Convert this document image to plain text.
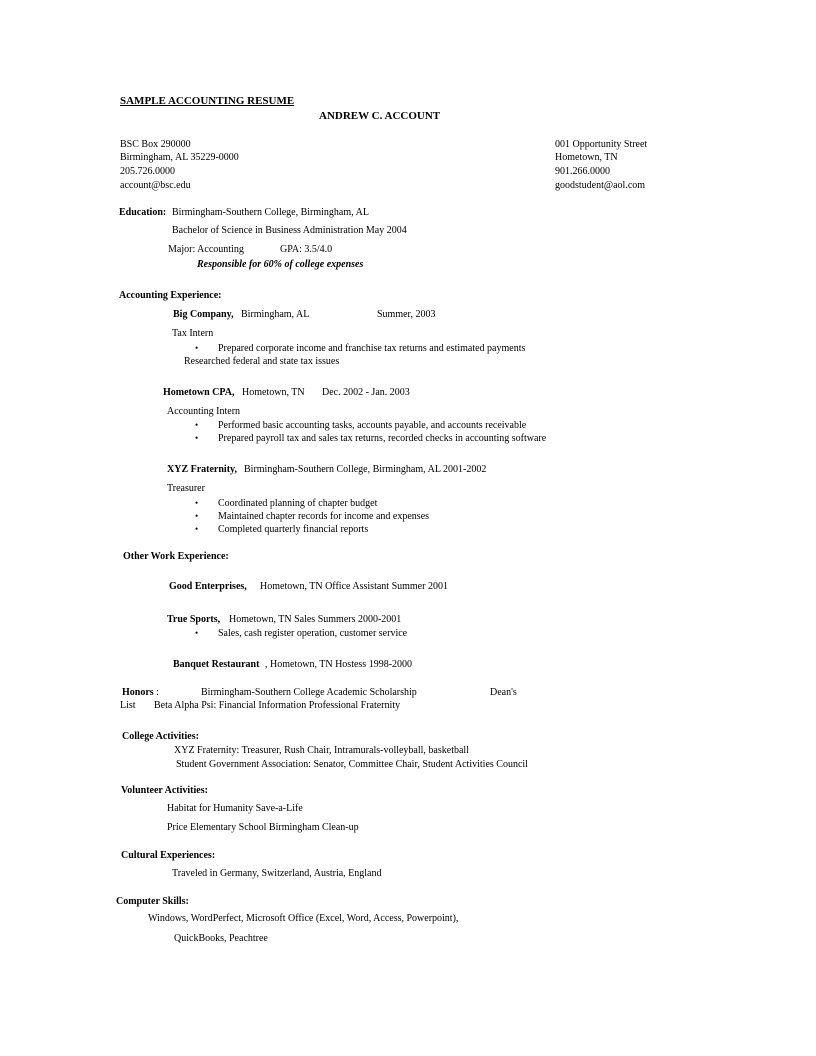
SAMPLE ACCOUNTING RESUME
ANDREW C. ACCOUNT
BSC Box 290000
Birmingham, AL 35229-0000
205.726.0000
account@bsc.edu
001 Opportunity Street
Hometown, TN
901.266.0000
goodstudent@aol.com
Education: Birmingham-Southern College, Birmingham, AL
Bachelor of Science in Business Administration May 2004
Major: Accounting	GPA: 3.5/4.0
Responsible for 60% of college expenses
Accounting Experience:
Big Company, Birmingham, AL	Summer, 2003
Tax Intern
• Prepared corporate income and franchise tax returns and estimated payments
Researched federal and state tax issues
Hometown CPA, Hometown, TN Dec. 2002 - Jan. 2003
Accounting Intern
• Performed basic accounting tasks, accounts payable, and accounts receivable
• Prepared payroll tax and sales tax returns, recorded checks in accounting software
XYZ Fraternity, Birmingham-Southern College, Birmingham, AL 2001-2002
Treasurer
• Coordinated planning of chapter budget
• Maintained chapter records for income and expenses
• Completed quarterly financial reports
Other Work Experience:
Good Enterprises, Hometown, TN Office Assistant Summer 2001
True Sports, Hometown, TN Sales Summers 2000-2001
• Sales, cash register operation, customer service
Banquet Restaurant , Hometown, TN Hostess 1998-2000
Honors :	Birmingham-Southern College Academic Scholarship	Dean's
List Beta Alpha Psi: Financial Information Professional Fraternity
College Activities:
XYZ Fraternity: Treasurer, Rush Chair, Intramurals-volleyball, basketball
Student Government Association: Senator, Committee Chair, Student Activities Council
Volunteer Activities:
Habitat for Humanity Save-a-Life
Price Elementary School Birmingham Clean-up
Cultural Experiences:
Traveled in Germany, Switzerland, Austria, England
Computer Skills:
Windows, WordPerfect, Microsoft Office (Excel, Word, Access, Powerpoint),
QuickBooks, Peachtree
